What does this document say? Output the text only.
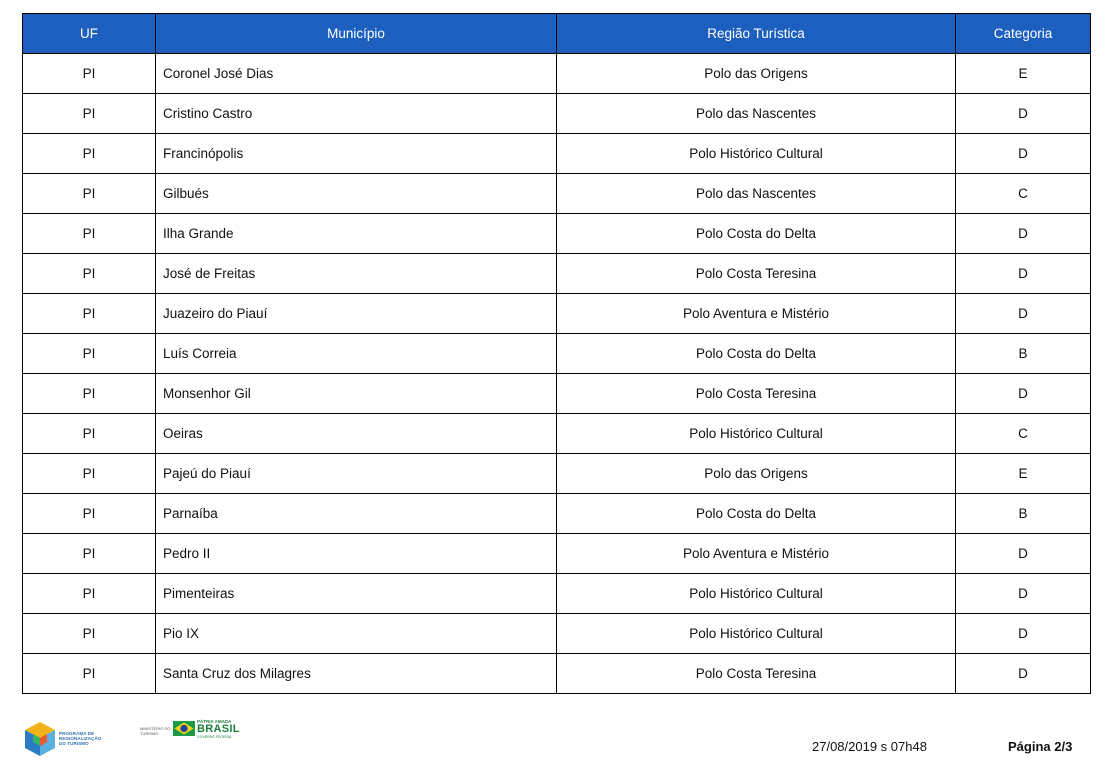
UF	Município	Região Turística	Categoria
PI	Coronel José Dias	Polo das Origens	E
PI	Cristino Castro	Polo das Nascentes	D
PI	Francinópolis	Polo Histórico Cultural	D
PI	Gilbués	Polo das Nascentes	C
PI	Ilha Grande	Polo Costa do Delta	D
PI	José de Freitas	Polo Costa Teresina	D
PI	Juazeiro do Piauí	Polo Aventura e Mistério	D
PI	Luís Correia	Polo Costa do Delta	B
PI	Monsenhor Gil	Polo Costa Teresina	D
PI	Oeiras	Polo Histórico Cultural	C
PI	Pajeú do Piauí	Polo das Origens	E
PI	Parnaíba	Polo Costa do Delta	B
PI	Pedro II	Polo Aventura e Mistério	D
PI	Pimenteiras	Polo Histórico Cultural	D
PI	Pio IX	Polo Histórico Cultural	D
PI	Santa Cruz dos Milagres	Polo Costa Teresina	D
PROGRAMA DE
REGIONALIZAÇÃO
DO TURISMO
MINISTÉRIO DO
TURISMO
PÁTRIA AMADA
BRASIL
GOVERNO FEDERAL
27/08/2019 s 07h48	Página 2/3
